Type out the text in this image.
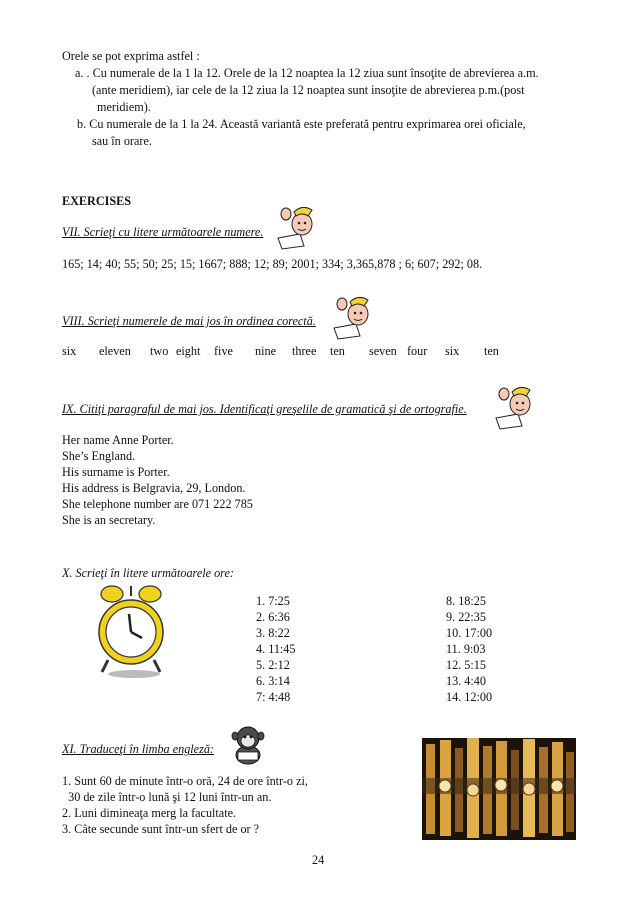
Orele se pot exprima astfel :
a. . Cu numerale de la 1 la 12. Orele de la 12 noaptea la 12 ziua sunt însoţite de abrevierea a.m.
(ante meridiem), iar cele de la 12 ziua la 12 noaptea sunt insoţite de abrevierea p.m.(post
meridiem).
b. Cu numerale de la 1 la 24. Această variantă este preferată pentru exprimarea orei oficiale,
sau în orare.
EXERCISES
VII. Scrieţi cu litere următoarele numere.
165; 14; 40; 55; 50; 25; 15; 1667; 888; 12; 89; 2001; 334; 3,365,878 ; 6; 607; 292; 08.
VIII. Scrieţi numerele de mai jos în ordinea corectă.
six eleven two eight five nine three ten seven four six ten
IX. Citiţi paragraful de mai jos. Identificaţi greşelile de gramatică şi de ortografie.
Her name Anne Porter.
She’s England.
His surname is Porter.
His address is Belgravia, 29, London.
She telephone number are 071 222 785
She is an secretary.
X. Scrieţi în litere următoarele ore:
1. 7:25
2. 6:36
3. 8:22
4. 11:45
5. 2:12
6. 3:14
7: 4:48
8. 18:25
9. 22:35
10. 17:00
11. 9:03
12. 5:15
13. 4:40
14. 12:00
XI. Traduceţi în limba engleză:
1. Sunt 60 de minute într-o oră, 24 de ore într-o zi,
30 de zile într-o lună şi 12 luni într-un an.
2. Luni dimineaţa merg la facultate.
3. Câte secunde sunt într-un sfert de or ?
24
